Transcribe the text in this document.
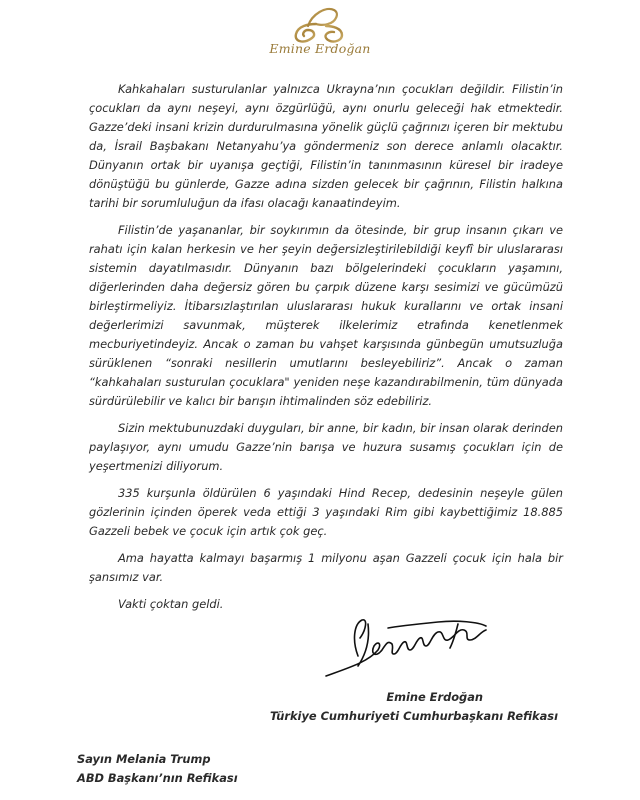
Emine Erdoğan

Kahkahaları susturulanlar yalnızca Ukrayna’nın çocukları değildir. Filistin’in çocukları da aynı neşeyi, aynı özgürlüğü, aynı onurlu geleceği hak etmektedir. Gazze’deki insani krizin durdurulmasına yönelik güçlü çağrınızı içeren bir mektubu da, İsrail Başbakanı Netanyahu’ya göndermeniz son derece anlamlı olacaktır. Dünyanın ortak bir uyanışa geçtiği, Filistin’in tanınmasının küresel bir iradeye dönüştüğü bu günlerde, Gazze adına sizden gelecek bir çağrının, Filistin halkına tarihi bir sorumluluğun da ifası olacağı kanaatindeyim.

Filistin’de yaşananlar, bir soykırımın da ötesinde, bir grup insanın çıkarı ve rahatı için kalan herkesin ve her şeyin değersizleştirilebildiği keyfî bir uluslararası sistemin dayatılmasıdır. Dünyanın bazı bölgelerindeki çocukların yaşamını, diğerlerinden daha değersiz gören bu çarpık düzene karşı sesimizi ve gücümüzü birleştirmeliyiz. İtibarsızlaştırılan uluslararası hukuk kurallarını ve ortak insani değerlerimizi savunmak, müşterek ilkelerimiz etrafında kenetlenmek mecburiyetindeyiz. Ancak o zaman bu vahşet karşısında günbegün umutsuzluğa sürüklenen “sonraki nesillerin umutlarını besleyebiliriz”. Ancak o zaman “kahkahaları susturulan çocuklara" yeniden neşe kazandırabilmenin, tüm dünyada sürdürülebilir ve kalıcı bir barışın ihtimalinden söz edebiliriz.

Sizin mektubunuzdaki duyguları, bir anne, bir kadın, bir insan olarak derinden paylaşıyor, aynı umudu Gazze’nin barışa ve huzura susamış çocukları için de yeşertmenizi diliyorum.

335 kurşunla öldürülen 6 yaşındaki Hind Recep, dedesinin neşeyle gülen gözlerinin içinden öperek veda ettiği 3 yaşındaki Rim gibi kaybettiğimiz 18.885 Gazzeli bebek ve çocuk için artık çok geç.

Ama hayatta kalmayı başarmış 1 milyonu aşan Gazzeli çocuk için hala bir şansımız var.

Vakti çoktan geldi.

Emine Erdoğan
Türkiye Cumhuriyeti Cumhurbaşkanı Refikası
Sayın Melania Trump
ABD Başkanı’nın Refikası
